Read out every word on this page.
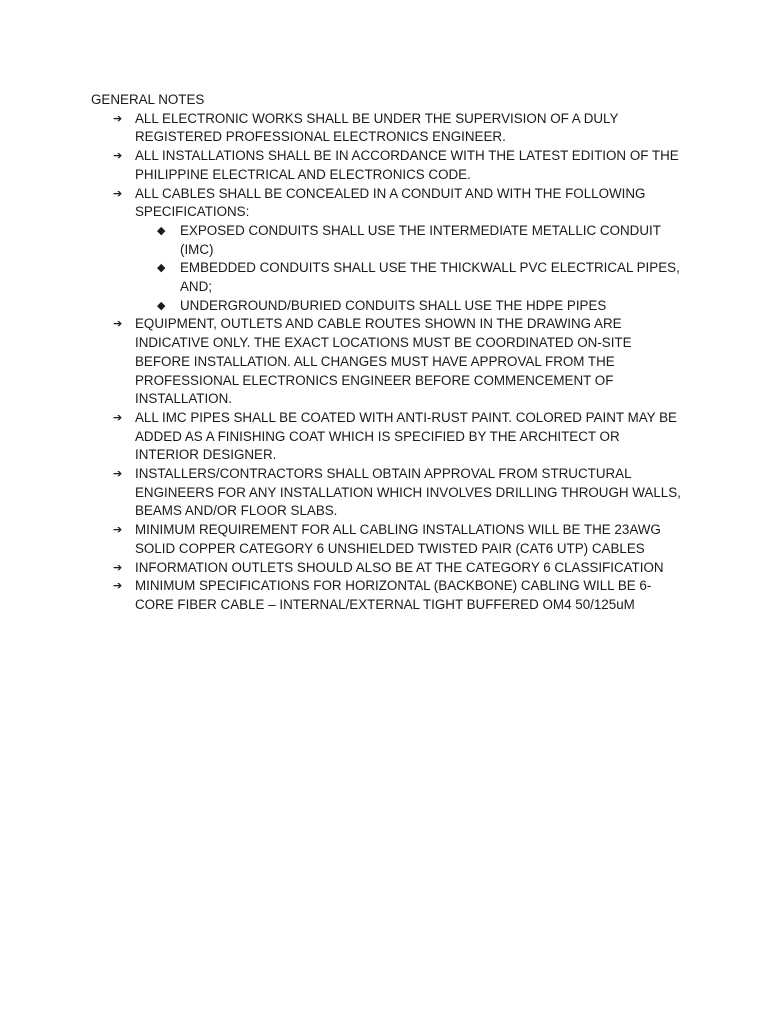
GENERAL NOTES

➔ ALL ELECTRONIC WORKS SHALL BE UNDER THE SUPERVISION OF A DULY REGISTERED PROFESSIONAL ELECTRONICS ENGINEER.
➔ ALL INSTALLATIONS SHALL BE IN ACCORDANCE WITH THE LATEST EDITION OF THE PHILIPPINE ELECTRICAL AND ELECTRONICS CODE.
➔ ALL CABLES SHALL BE CONCEALED IN A CONDUIT AND WITH THE FOLLOWING SPECIFICATIONS:
◆	EXPOSED CONDUITS SHALL USE THE INTERMEDIATE METALLIC CONDUIT (IMC)
◆	EMBEDDED CONDUITS SHALL USE THE THICKWALL PVC ELECTRICAL PIPES, AND;
◆	UNDERGROUND/BURIED CONDUITS SHALL USE THE HDPE PIPES
➔ EQUIPMENT, OUTLETS AND CABLE ROUTES SHOWN IN THE DRAWING ARE INDICATIVE ONLY. THE EXACT LOCATIONS MUST BE COORDINATED ON-SITE BEFORE INSTALLATION. ALL CHANGES MUST HAVE APPROVAL FROM THE PROFESSIONAL ELECTRONICS ENGINEER BEFORE COMMENCEMENT OF INSTALLATION.
➔ ALL IMC PIPES SHALL BE COATED WITH ANTI-RUST PAINT. COLORED PAINT MAY BE ADDED AS A FINISHING COAT WHICH IS SPECIFIED BY THE ARCHITECT OR INTERIOR DESIGNER.
➔ INSTALLERS/CONTRACTORS SHALL OBTAIN APPROVAL FROM STRUCTURAL ENGINEERS FOR ANY INSTALLATION WHICH INVOLVES DRILLING THROUGH WALLS, BEAMS AND/OR FLOOR SLABS.
➔ MINIMUM REQUIREMENT FOR ALL CABLING INSTALLATIONS WILL BE THE 23AWG SOLID COPPER CATEGORY 6 UNSHIELDED TWISTED PAIR (CAT6 UTP) CABLES
➔ INFORMATION OUTLETS SHOULD ALSO BE AT THE CATEGORY 6 CLASSIFICATION
➔ MINIMUM SPECIFICATIONS FOR HORIZONTAL (BACKBONE) CABLING WILL BE 6-CORE FIBER CABLE – INTERNAL/EXTERNAL TIGHT BUFFERED OM4 50/125uM
